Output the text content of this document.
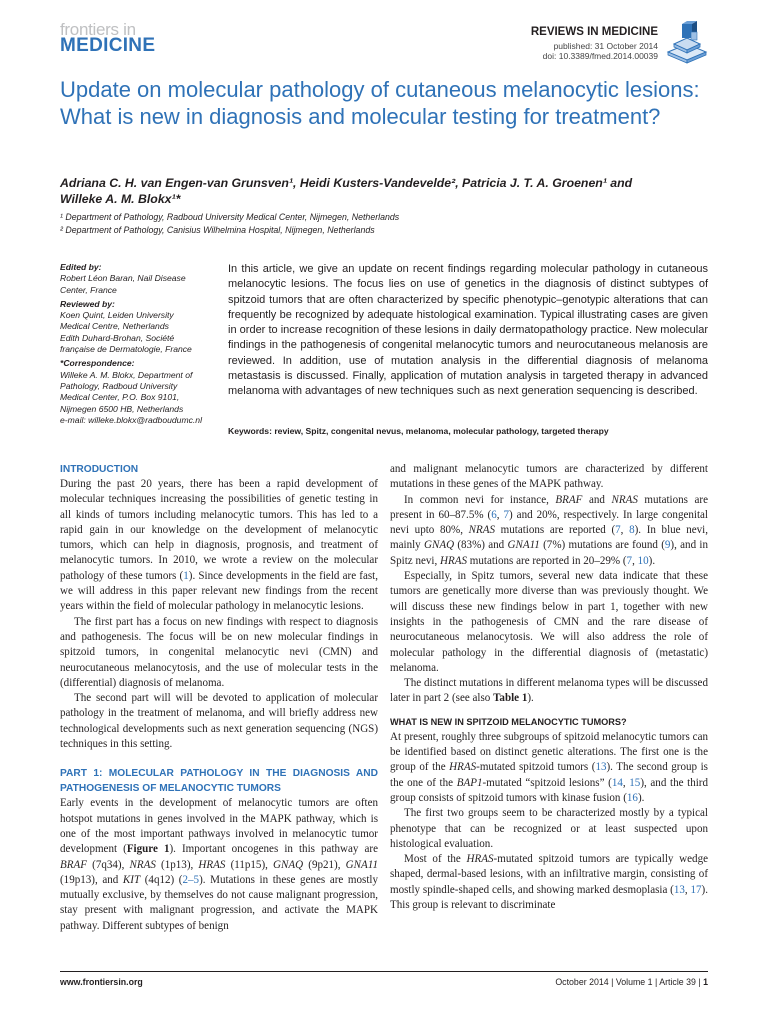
frontiers in
MEDICINE
REVIEWS IN MEDICINE
published: 31 October 2014
doi: 10.3389/fmed.2014.00039
Update on molecular pathology of cutaneous melanocytic lesions: What is new in diagnosis and molecular testing for treatment?
Adriana C. H. van Engen-van Grunsven¹, Heidi Kusters-Vandevelde², Patricia J. T. A. Groenen¹ and
Willeke A. M. Blokx¹*
¹ Department of Pathology, Radboud University Medical Center, Nijmegen, Netherlands
² Department of Pathology, Canisius Wilhelmina Hospital, Nijmegen, Netherlands
Edited by:
Robert Léon Baran, Nail Disease
Center, France
Reviewed by:
Koen Quint, Leiden University
Medical Centre, Netherlands
Edith Duhard-Brohan, Société
française de Dermatologie, France
*Correspondence:
Willeke A. M. Blokx, Department of
Pathology, Radboud University
Medical Center, P.O. Box 9101,
Nijmegen 6500 HB, Netherlands
e-mail: willeke.blokx@radboudumc.nl
In this article, we give an update on recent findings regarding molecular pathology in cutaneous melanocytic lesions. The focus lies on use of genetics in the diagnosis of distinct subtypes of spitzoid tumors that are often characterized by specific phenotypic–genotypic alterations that can frequently be recognized by adequate histological examination. Typical illustrating cases are given in order to increase recognition of these lesions in daily dermatopathology practice. New molecular findings in the pathogenesis of congenital melanocytic tumors and neurocutaneous melanosis are reviewed. In addition, use of mutation analysis in the differential diagnosis of melanoma metastasis is discussed. Finally, application of mutation analysis in targeted therapy in advanced melanoma with advantages of new techniques such as next generation sequencing is described.
Keywords: review, Spitz, congenital nevus, melanoma, molecular pathology, targeted therapy
INTRODUCTION

During the past 20 years, there has been a rapid development of molecular techniques increasing the possibilities of genetic testing in all kinds of tumors including melanocytic tumors. This has led to a rapid gain in our knowledge on the development of melanocytic tumors, which can help in diagnosis, prognosis, and treatment of melanocytic tumors. In 2010, we wrote a review on the molecular pathology of these tumors (1). Since developments in the field are fast, we will address in this paper relevant new findings from the recent years within the field of molecular pathology in melanocytic lesions.

The first part has a focus on new findings with respect to diagnosis and pathogenesis. The focus will be on new molecular findings in spitzoid tumors, in congenital melanocytic nevi (CMN) and neurocutaneous melanocytosis, and the use of molecular tests in the (differential) diagnosis of melanoma.

The second part will will be devoted to application of molecular pathology in the treatment of melanoma, and will briefly address new technological developments such as next generation sequencing (NGS) techniques in this setting.

PART 1: MOLECULAR PATHOLOGY IN THE DIAGNOSIS AND PATHOGENESIS OF MELANOCYTIC TUMORS

Early events in the development of melanocytic tumors are often hotspot mutations in genes involved in the MAPK pathway, which is one of the most important pathways involved in melanocytic tumor development (Figure 1). Important oncogenes in this pathway are BRAF (7q34), NRAS (1p13), HRAS (11p15), GNAQ (9p21), GNA11 (19p13), and KIT (4q12) (2–5). Mutations in these genes are mostly mutually exclusive, by themselves do not cause malignant progression, stay present with malignant progression, and activate the MAPK pathway. Different subtypes of benign

and malignant melanocytic tumors are characterized by different mutations in these genes of the MAPK pathway.

In common nevi for instance, BRAF and NRAS mutations are present in 60–87.5% (6, 7) and 20%, respectively. In large congenital nevi upto 80%, NRAS mutations are reported (7, 8). In blue nevi, mainly GNAQ (83%) and GNA11 (7%) mutations are found (9), and in Spitz nevi, HRAS mutations are reported in 20–29% (7, 10).

Especially, in Spitz tumors, several new data indicate that these tumors are genetically more diverse than was previously thought. We will discuss these new findings below in part 1, together with new insights in the pathogenesis of CMN and the rare disease of neurocutaneous melanocytosis. We will also address the role of molecular pathology in the differential diagnosis of (metastatic) melanoma.

The distinct mutations in different melanoma types will be discussed later in part 2 (see also Table 1).

WHAT IS NEW IN SPITZOID MELANOCYTIC TUMORS?

At present, roughly three subgroups of spitzoid melanocytic tumors can be identified based on distinct genetic alterations. The first one is the group of the HRAS-mutated spitzoid tumors (13). The second group is the one of the BAP1-mutated “spitzoid lesions” (14, 15), and the third group consists of spitzoid tumors with kinase fusion (16).

The first two groups seem to be characterized mostly by a typical phenotype that can be recognized or at least suspected upon histological evaluation.

Most of the HRAS-mutated spitzoid tumors are typically wedge shaped, dermal-based lesions, with an infiltrative margin, consisting of mostly spindle-shaped cells, and showing marked desmoplasia (13, 17). This group is relevant to discriminate

www.frontiersin.org	October 2014 | Volume 1 | Article 39 | 1
